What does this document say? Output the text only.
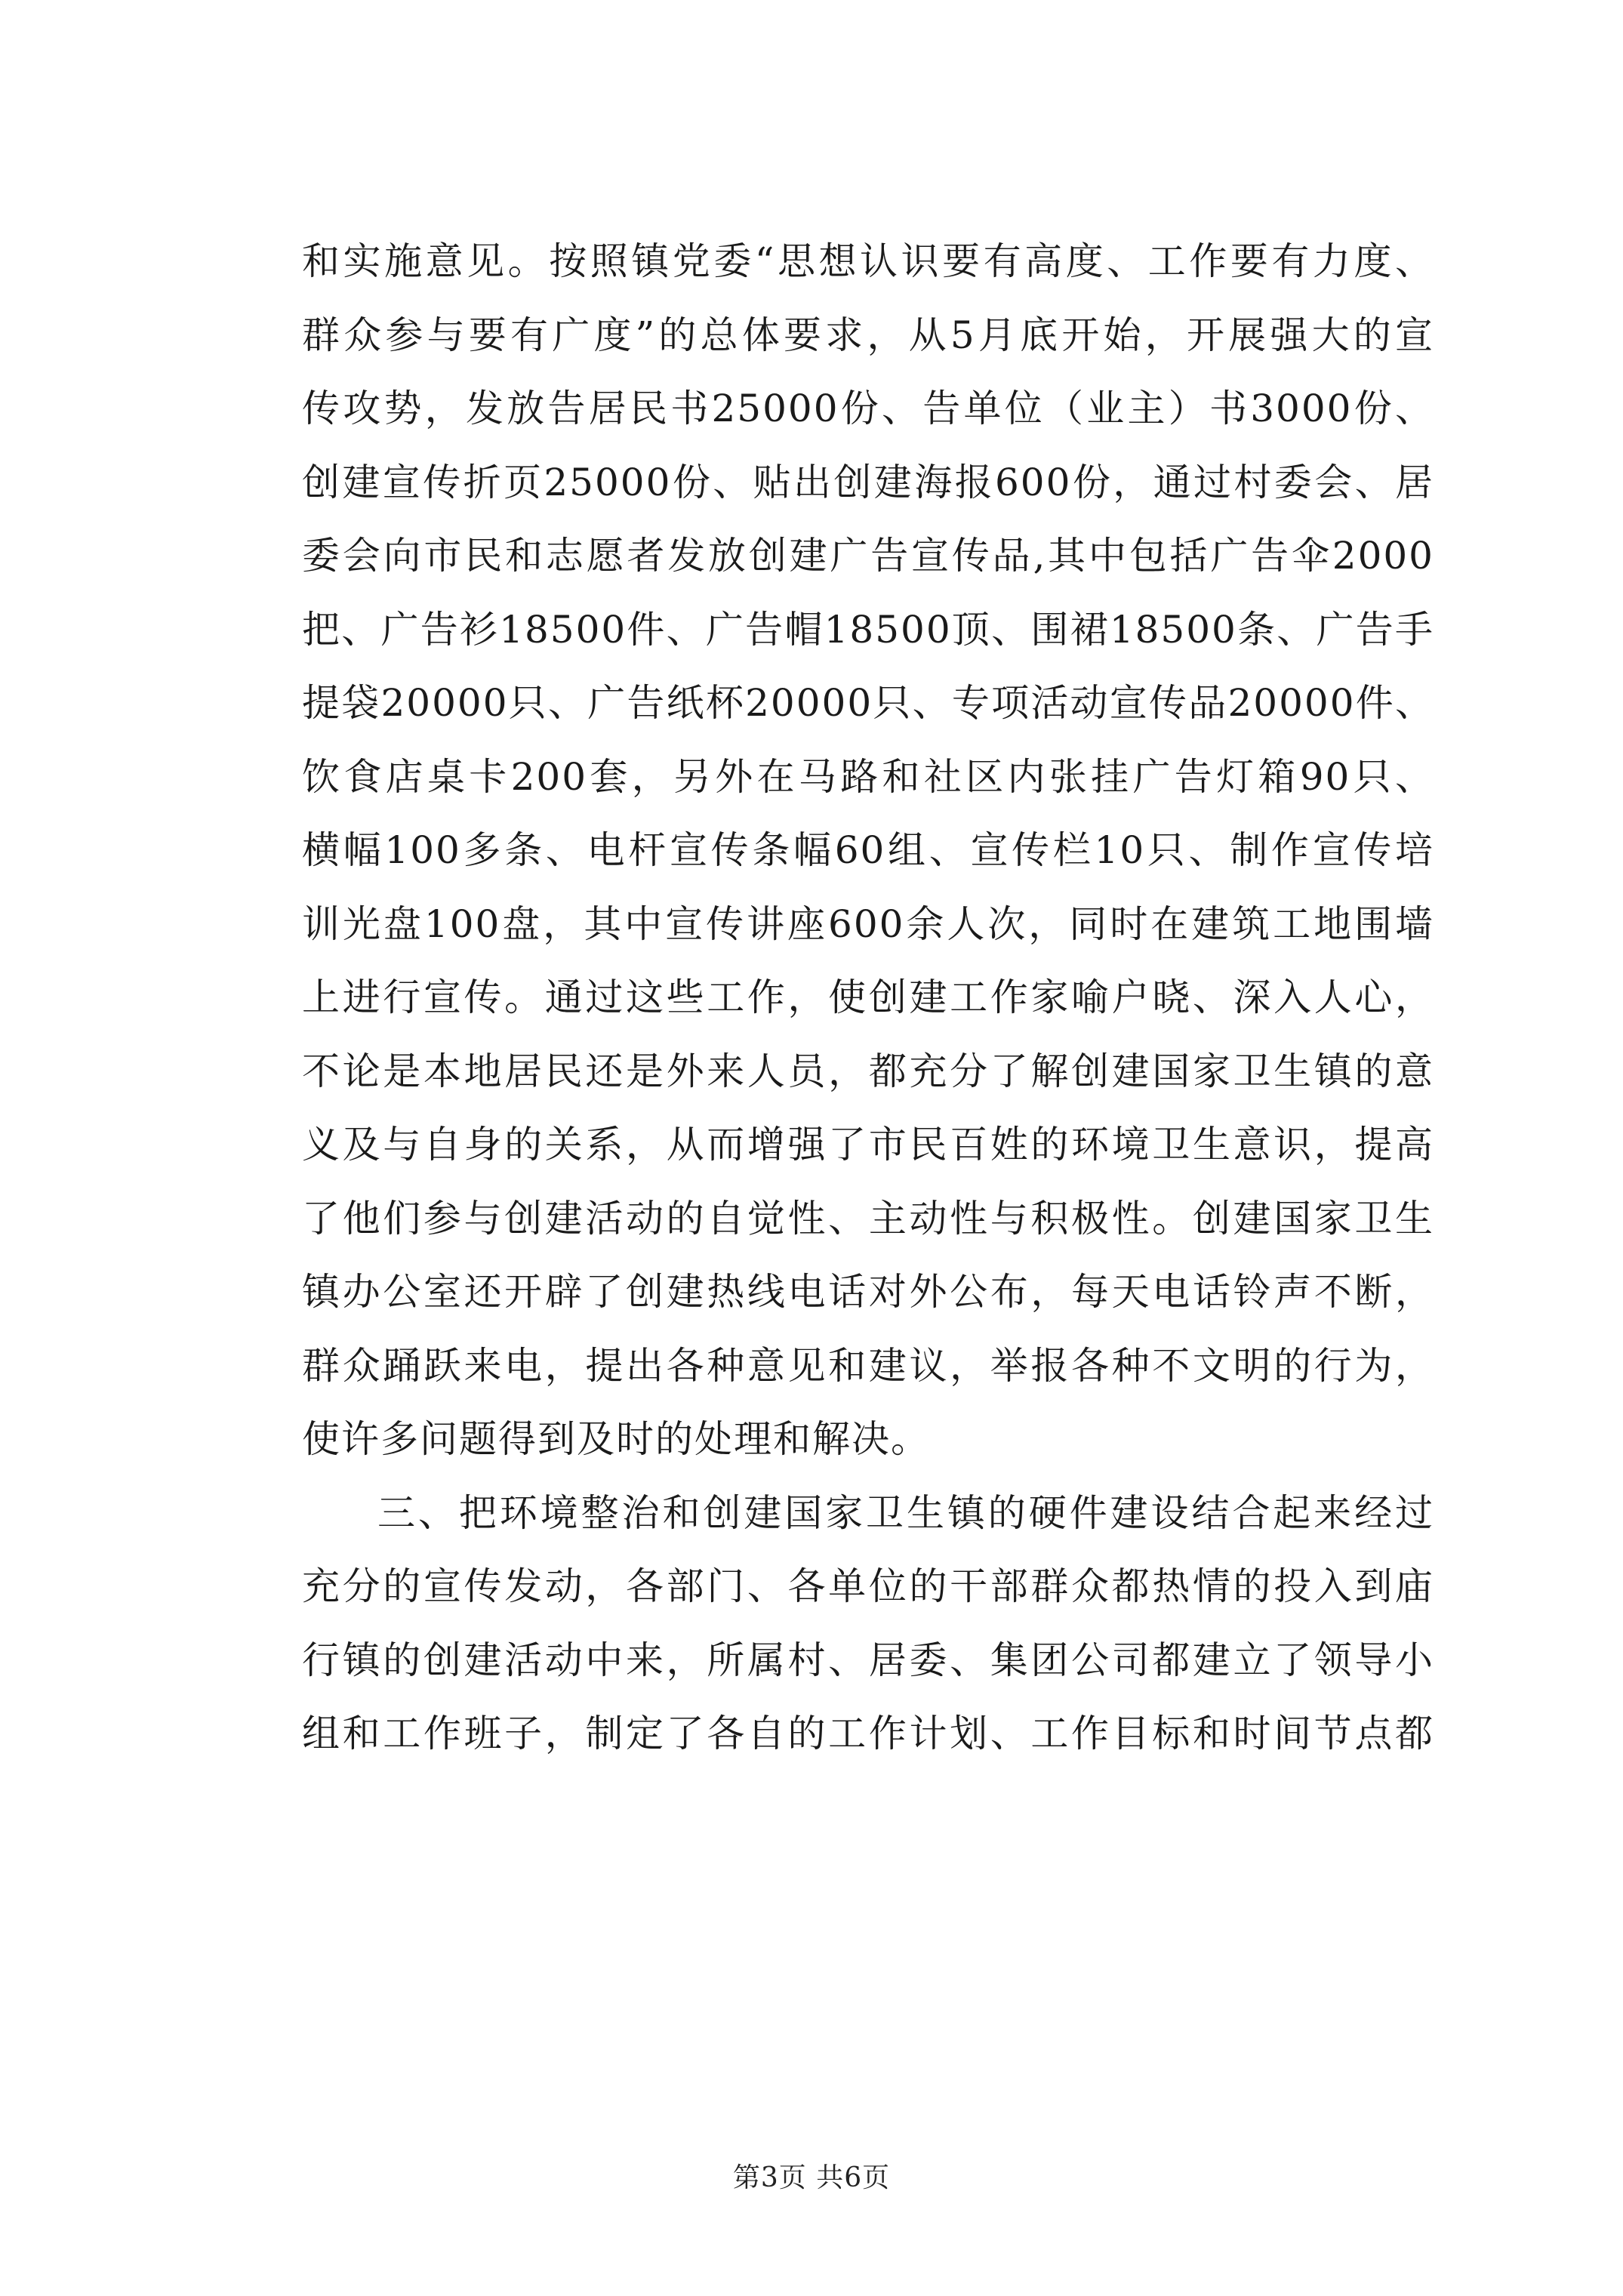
和实施意见。按照镇党委“思想认识要有高度、工作要有力度、
群众参与要有广度”的总体要求，从5月底开始，开展强大的宣
传攻势，发放告居民书25000份、告单位（业主）书3000份、
创建宣传折页25000份、贴出创建海报600份，通过村委会、居
委会向市民和志愿者发放创建广告宣传品,其中包括广告伞2000
把、广告衫18500件、广告帽18500顶、围裙18500条、广告手
提袋20000只、广告纸杯20000只、专项活动宣传品20000件、
饮食店桌卡200套，另外在马路和社区内张挂广告灯箱90只、
横幅100多条、电杆宣传条幅60组、宣传栏10只、制作宣传培
训光盘100盘，其中宣传讲座600余人次，同时在建筑工地围墙
上进行宣传。通过这些工作，使创建工作家喻户晓、深入人心，
不论是本地居民还是外来人员，都充分了解创建国家卫生镇的意
义及与自身的关系，从而增强了市民百姓的环境卫生意识，提高
了他们参与创建活动的自觉性、主动性与积极性。创建国家卫生
镇办公室还开辟了创建热线电话对外公布，每天电话铃声不断，
群众踊跃来电，提出各种意见和建议，举报各种不文明的行为，
使许多问题得到及时的处理和解决。
三、把环境整治和创建国家卫生镇的硬件建设结合起来经过
充分的宣传发动，各部门、各单位的干部群众都热情的投入到庙
行镇的创建活动中来，所属村、居委、集团公司都建立了领导小
组和工作班子，制定了各自的工作计划、工作目标和时间节点都
第3页 共6页
